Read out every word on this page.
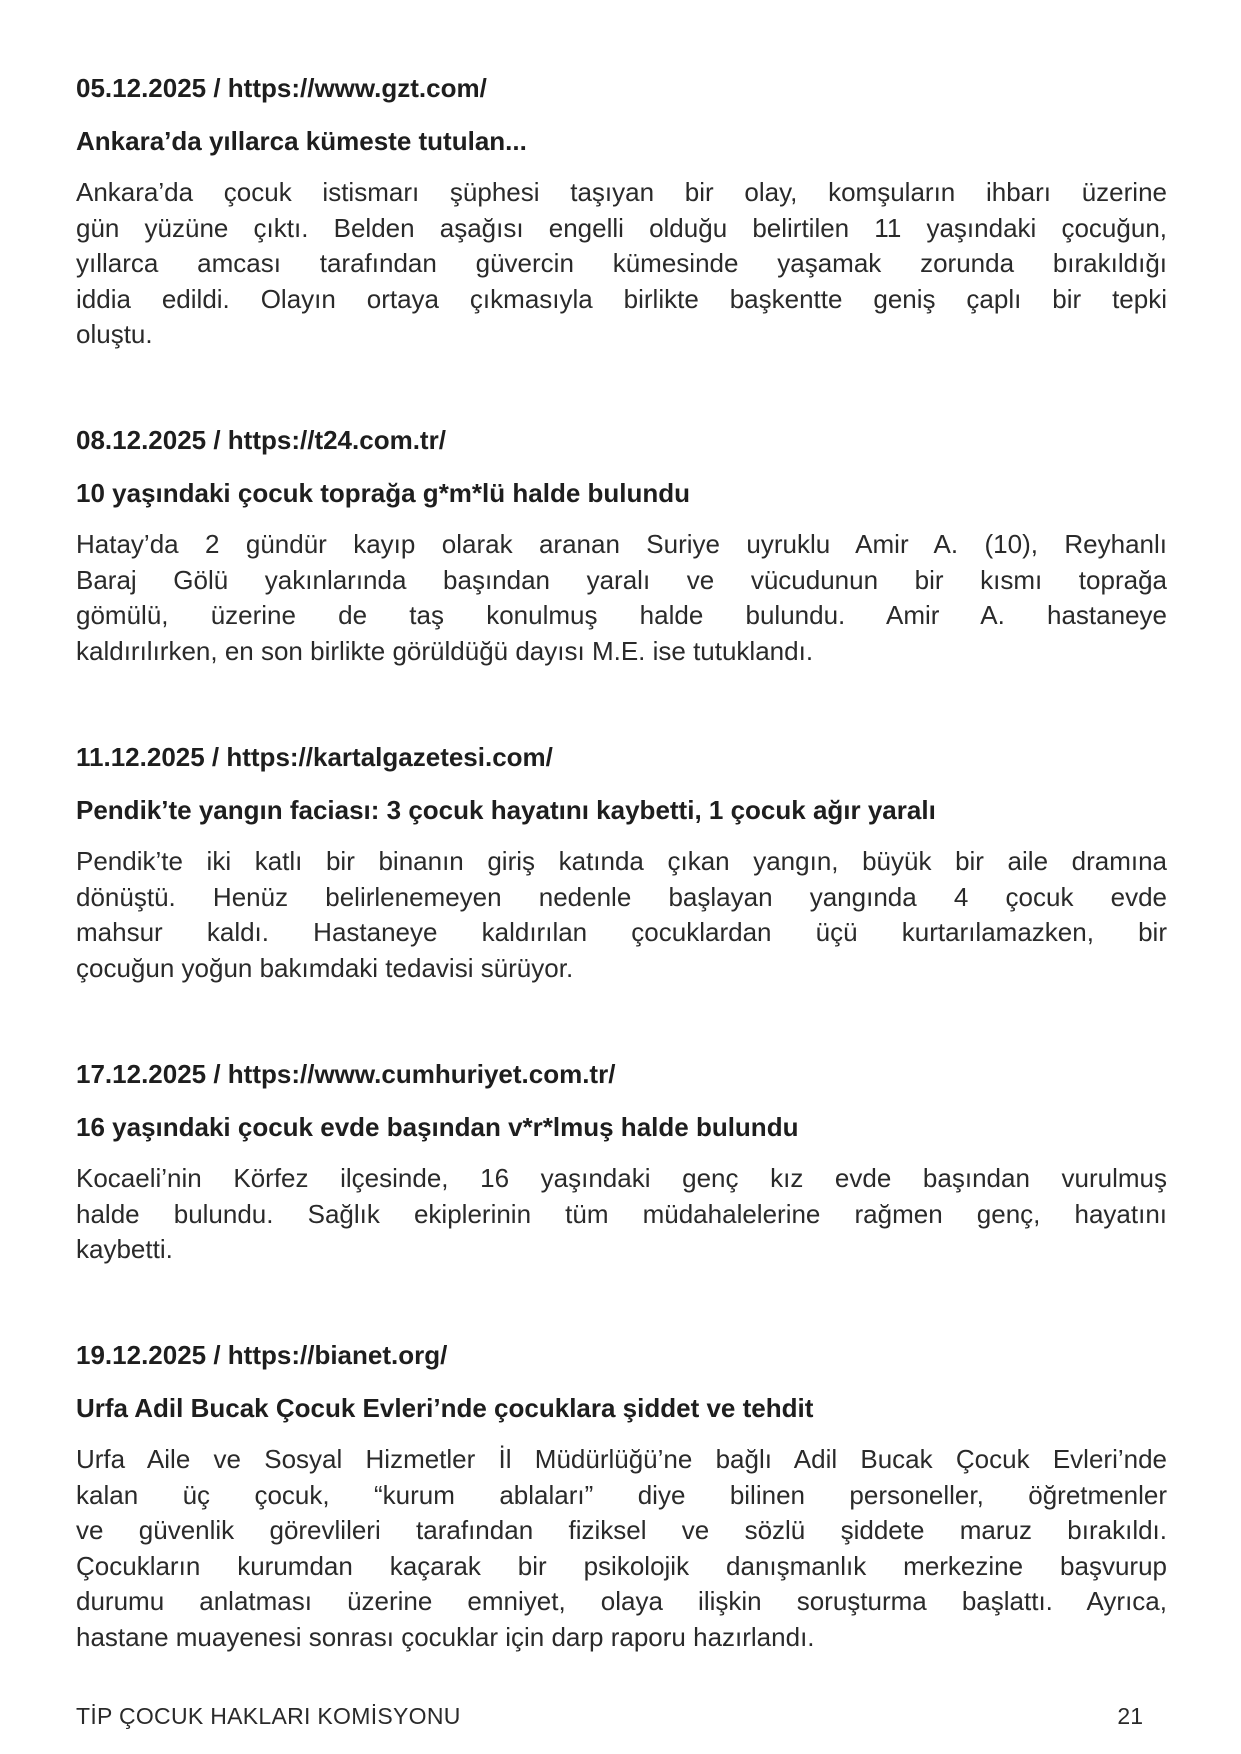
05.12.2025 / https://www.gzt.com/
Ankara’da yıllarca kümeste tutulan...
Ankara’da çocuk istismarı şüphesi taşıyan bir olay, komşuların ihbarı üzerine
gün yüzüne çıktı. Belden aşağısı engelli olduğu belirtilen 11 yaşındaki çocuğun,
yıllarca amcası tarafından güvercin kümesinde yaşamak zorunda bırakıldığı
iddia edildi. Olayın ortaya çıkmasıyla birlikte başkentte geniş çaplı bir tepki
oluştu.
08.12.2025 / https://t24.com.tr/
10 yaşındaki çocuk toprağa g*m*lü halde bulundu
Hatay’da 2 gündür kayıp olarak aranan Suriye uyruklu Amir A. (10), Reyhanlı
Baraj Gölü yakınlarında başından yaralı ve vücudunun bir kısmı toprağa
gömülü, üzerine de taş konulmuş halde bulundu. Amir A. hastaneye
kaldırılırken, en son birlikte görüldüğü dayısı M.E. ise tutuklandı.
11.12.2025 / https://kartalgazetesi.com/
Pendik’te yangın faciası: 3 çocuk hayatını kaybetti, 1 çocuk ağır yaralı
Pendik’te iki katlı bir binanın giriş katında çıkan yangın, büyük bir aile dramına
dönüştü. Henüz belirlenemeyen nedenle başlayan yangında 4 çocuk evde
mahsur kaldı. Hastaneye kaldırılan çocuklardan üçü kurtarılamazken, bir
çocuğun yoğun bakımdaki tedavisi sürüyor.
17.12.2025 / https://www.cumhuriyet.com.tr/
16 yaşındaki çocuk evde başından v*r*lmuş halde bulundu
Kocaeli’nin Körfez ilçesinde, 16 yaşındaki genç kız evde başından vurulmuş
halde bulundu. Sağlık ekiplerinin tüm müdahalelerine rağmen genç, hayatını
kaybetti.
19.12.2025 / https://bianet.org/
Urfa Adil Bucak Çocuk Evleri’nde çocuklara şiddet ve tehdit
Urfa Aile ve Sosyal Hizmetler İl Müdürlüğü’ne bağlı Adil Bucak Çocuk Evleri’nde
kalan üç çocuk, “kurum ablaları” diye bilinen personeller, öğretmenler
ve güvenlik görevlileri tarafından fiziksel ve sözlü şiddete maruz bırakıldı.
Çocukların kurumdan kaçarak bir psikolojik danışmanlık merkezine başvurup
durumu anlatması üzerine emniyet, olaya ilişkin soruşturma başlattı. Ayrıca,
hastane muayenesi sonrası çocuklar için darp raporu hazırlandı.
TİP ÇOCUK HAKLARI KOMİSYONU	21
